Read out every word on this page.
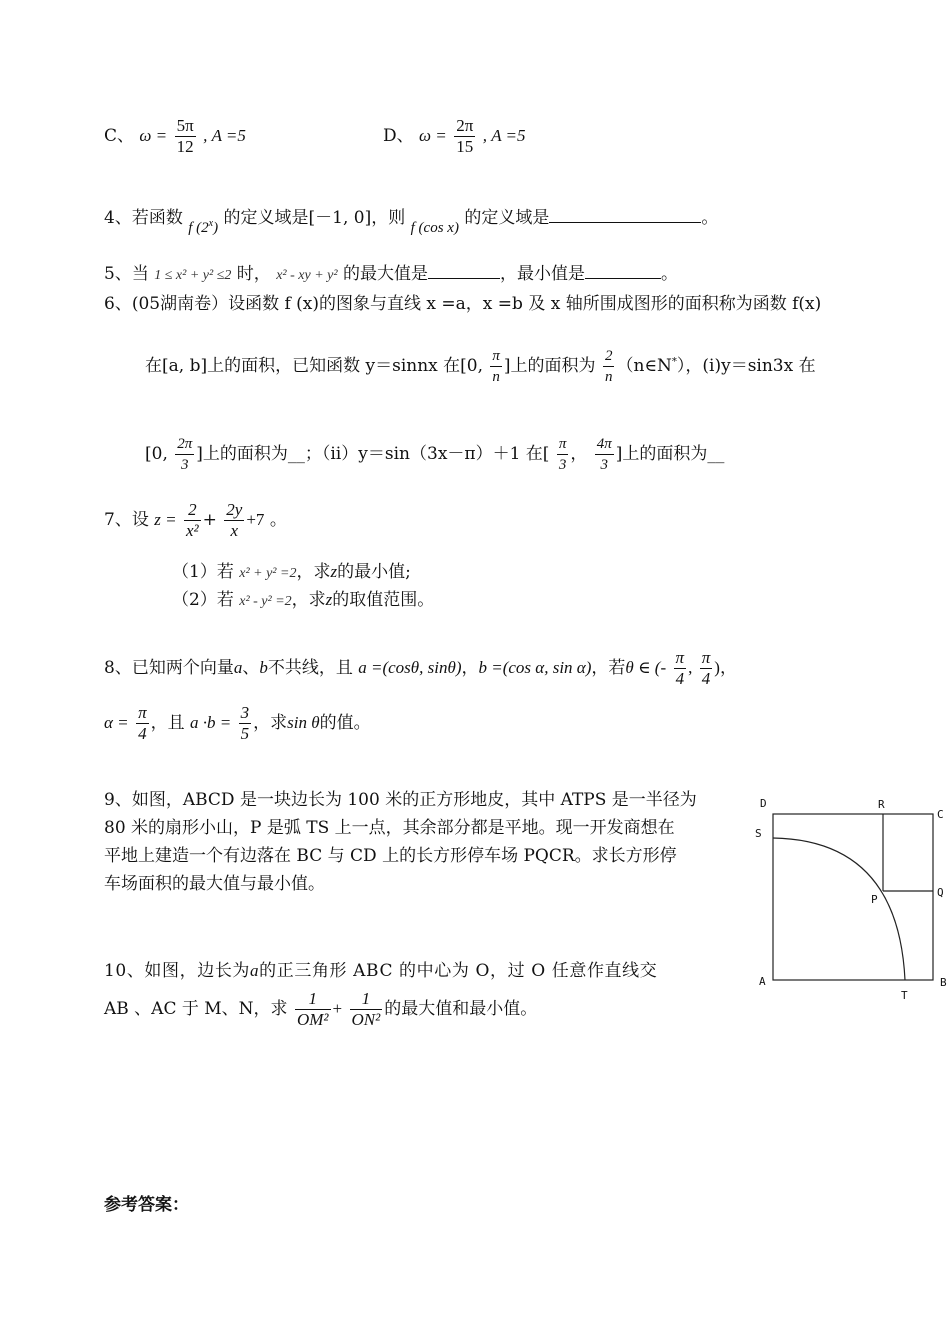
C、 $\omega = \frac{5\pi}{12}$ , A =5	D、 $\omega = \frac{2\pi}{15}$ , A =5
4、若函数 f (2$^x$) 的定义域是[－1, 0]，则 f (cos x) 的定义域是	。
5、当 1 ≤ x² + y² ≤2 时， x² - xy + y² 的最大值是	，最小值是	。
6、(05湖南卷）设函数 f (x)的图象与直线 x =a，x =b 及 x 轴所围成图形的面积称为函数 f(x)
在[a, b]上的面积，已知函数 y＝sinnx 在[0, $\frac{\pi}{n}$ ]上的面积为 $\frac{2}{n}$ （n∈N*），(ⅰ)y＝sin3x 在
[0, $\frac{2\pi}{3}$ ]上的面积为__；（ⅱ）y＝sin（3x－π）＋1 在[ $\frac{\pi}{3}$ ， $\frac{4\pi}{3}$ ]上的面积为__
7、设 $z = \frac{2}{\text{x²}} + \frac{2y}{x} +7$ 。
（1）若 x² + y² =2，求z的最小值;
（2）若 x² - y² =2，求z的取值范围。
8、已知两个向量a、b不共线，且 a =(cosθ, sinθ)，b =(cos α, sin α)，若θ ∈ (- $\frac{\pi}{4}$ , $\frac{\pi}{4}$ )，
$\alpha = \frac{\pi}{4}$ ，且 $a \cdot b = \frac{3}{5}$ ，求sin θ的值。
9、如图，ABCD 是一块边长为 100 米的正方形地皮，其中 ATPS 是一半径为
80 米的扇形小山，P 是弧 TS 上一点，其余部分都是平地。现一开发商想在
平地上建造一个有边落在 BC 与 CD 上的长方形停车场 PQCR。求长方形停
车场面积的最大值与最小值。
D	R
C
S
Q
P
A
T
B
10、如图，边长为a的正三角形 ABC 的中心为 O，过 O 任意作直线交
AB 、AC 于 M、N，求 $\frac{1}{\text{OM²}} + \frac{1}{\text{ON²}}$ 的最大值和最小值。
参考答案：
